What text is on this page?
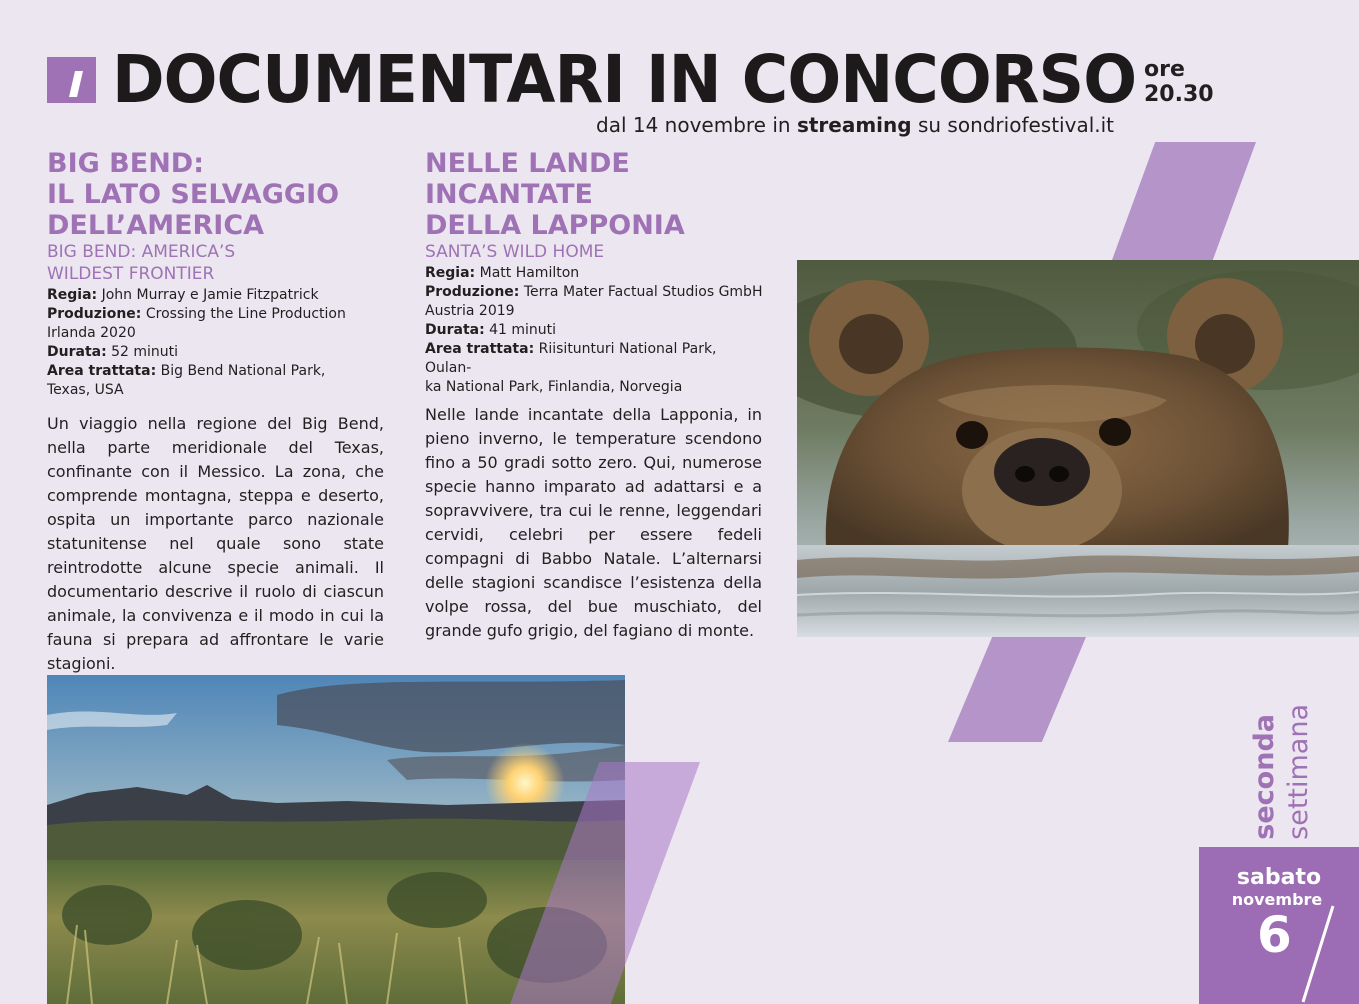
DOCUMENTARI IN CONCORSO ore
20.30
dal 14 novembre in streaming su sondriofestival.it
BIG BEND:
IL LATO SELVAGGIO
DELL’AMERICA
BIG BEND: AMERICA’S
WILDEST FRONTIER
Regia: John Murray e Jamie Fitzpatrick
Produzione: Crossing the Line Production
Irlanda 2020
Durata: 52 minuti
Area trattata: Big Bend National Park,
Texas, USA
Un viaggio nella regione del Big Bend, nella parte meridionale del Texas, confinante con il Messico. La zona, che comprende montagna, steppa e deserto, ospita un importante parco nazionale statunitense nel quale sono state reintrodotte alcune specie animali. Il documentario descrive il ruolo di ciascun animale, la convivenza e il modo in cui la fauna si prepara ad affrontare le varie stagioni.
NELLE LANDE
INCANTATE
DELLA LAPPONIA
SANTA’S WILD HOME
Regia: Matt Hamilton
Produzione: Terra Mater Factual Studios GmbH
Austria 2019
Durata: 41 minuti
Area trattata: Riisitunturi National Park, Oulan-
ka National Park, Finlandia, Norvegia
Nelle lande incantate della Lapponia, in pieno inverno, le temperature scendono fino a 50 gradi sotto zero. Qui, numerose specie hanno imparato ad adattarsi e a sopravvivere, tra cui le renne, leggendari cervidi, celebri per essere fedeli compagni di Babbo Natale. L’alternarsi delle stagioni scandisce l’esistenza della volpe rossa, del bue muschiato, del grande gufo grigio, del fagiano di monte.
seconda settimana
sabato
novembre
6
